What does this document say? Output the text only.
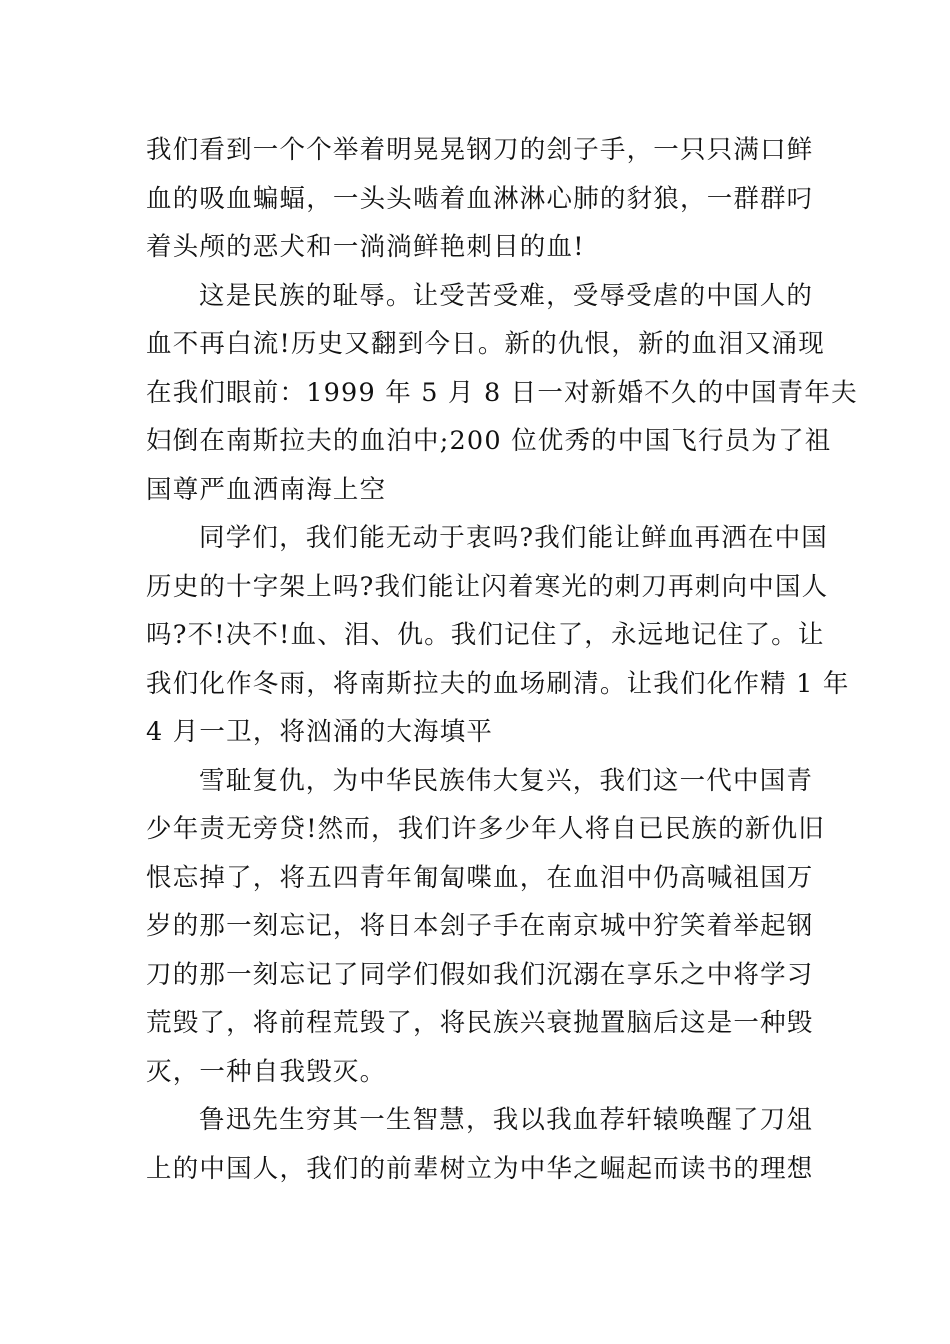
我们看到一个个举着明晃晃钢刀的刽子手，一只只满口鲜
血的吸血蝙蝠，一头头啮着血淋淋心肺的豺狼，一群群叼
着头颅的恶犬和一淌淌鲜艳刺目的血!
这是民族的耻辱。让受苦受难，受辱受虐的中国人的
血不再白流!历史又翻到今日。新的仇恨，新的血泪又涌现
在我们眼前：1999 年 5 月 8 日一对新婚不久的中国青年夫
妇倒在南斯拉夫的血泊中;200 位优秀的中国飞行员为了祖
国尊严血洒南海上空
同学们，我们能无动于衷吗?我们能让鲜血再洒在中国
历史的十字架上吗?我们能让闪着寒光的刺刀再刺向中国人
吗?不!决不!血、泪、仇。我们记住了，永远地记住了。让
我们化作冬雨，将南斯拉夫的血场刷清。让我们化作精 1 年
4 月一卫，将汹涌的大海填平
雪耻复仇，为中华民族伟大复兴，我们这一代中国青
少年责无旁贷!然而，我们许多少年人将自已民族的新仇旧
恨忘掉了，将五四青年匍匐喋血，在血泪中仍高喊祖国万
岁的那一刻忘记，将日本刽子手在南京城中狞笑着举起钢
刀的那一刻忘记了同学们假如我们沉溺在享乐之中将学习
荒毁了，将前程荒毁了，将民族兴衰抛置脑后这是一种毁
灭，一种自我毁灭。
鲁迅先生穷其一生智慧，我以我血荐轩辕唤醒了刀俎
上的中国人，我们的前辈树立为中华之崛起而读书的理想
